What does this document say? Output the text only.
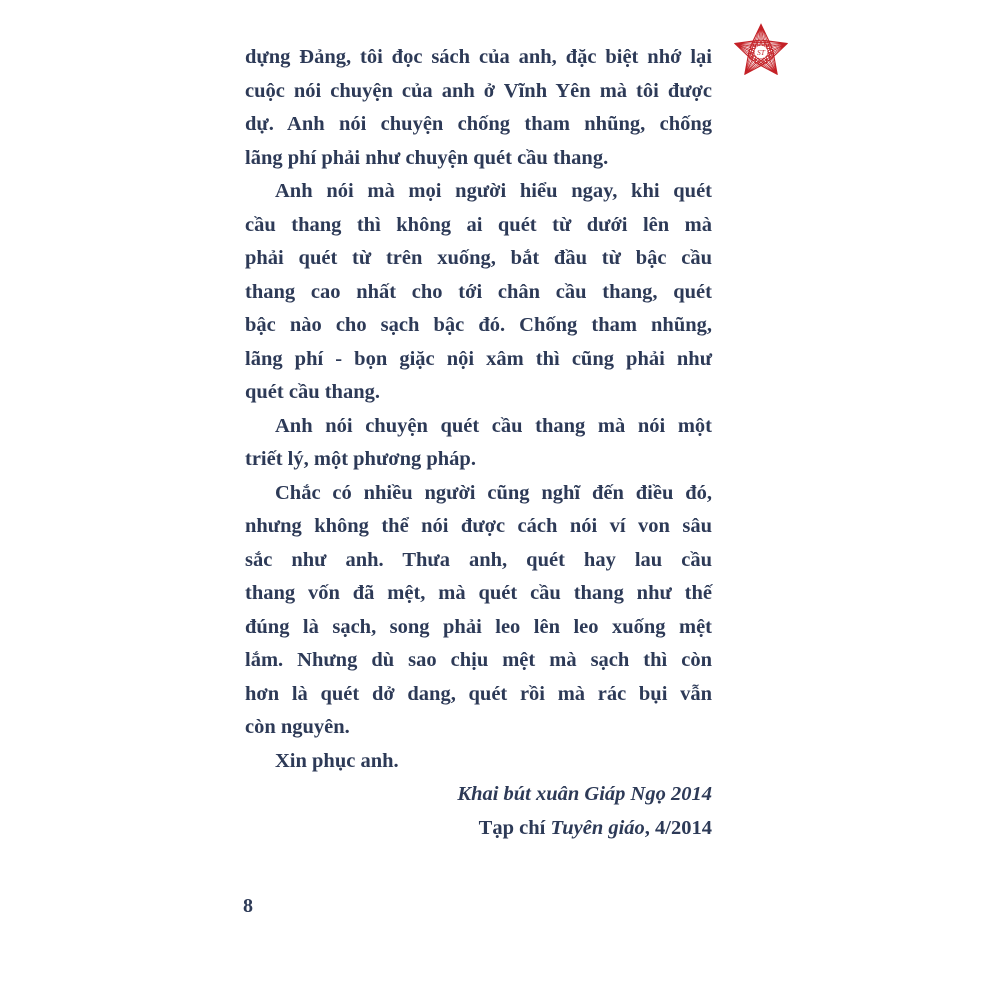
ST
dựng Đảng, tôi đọc sách của anh, đặc biệt nhớ lại
cuộc nói chuyện của anh ở Vĩnh Yên mà tôi được
dự. Anh nói chuyện chống tham nhũng, chống
lãng phí phải như chuyện quét cầu thang.
Anh nói mà mọi người hiểu ngay, khi quét
cầu thang thì không ai quét từ dưới lên mà
phải quét từ trên xuống, bắt đầu từ bậc cầu
thang cao nhất cho tới chân cầu thang, quét
bậc nào cho sạch bậc đó. Chống tham nhũng,
lãng phí - bọn giặc nội xâm thì cũng phải như
quét cầu thang.
Anh nói chuyện quét cầu thang mà nói một
triết lý, một phương pháp.
Chắc có nhiều người cũng nghĩ đến điều đó,
nhưng không thể nói được cách nói ví von sâu
sắc như anh. Thưa anh, quét hay lau cầu
thang vốn đã mệt, mà quét cầu thang như thế
đúng là sạch, song phải leo lên leo xuống mệt
lắm. Nhưng dù sao chịu mệt mà sạch thì còn
hơn là quét dở dang, quét rồi mà rác bụi vẫn
còn nguyên.
Xin phục anh.
Khai bút xuân Giáp Ngọ 2014
Tạp chí Tuyên giáo, 4/2014
8
